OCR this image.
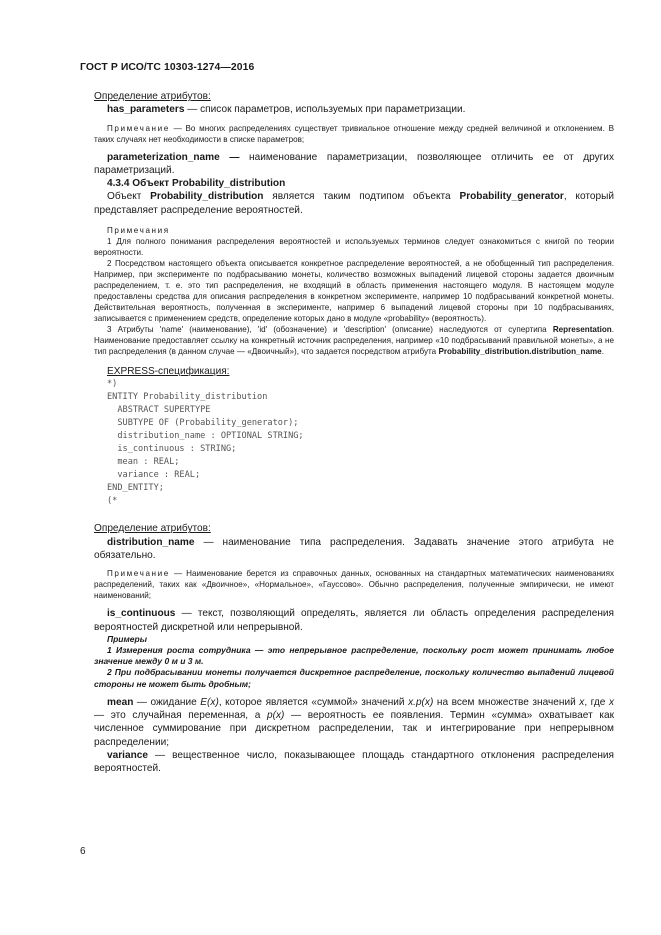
ГОСТ Р ИСО/ТС 10303-1274—2016

Определение атрибутов:

has_parameters — список параметров, используемых при параметризации.

Примечание — Во многих распределениях существует тривиальное отношение между средней величиной и отклонением. В таких случаях нет необходимости в списке параметров;

parameterization_name — наименование параметризации, позволяющее отличить ее от других параметризаций.

4.3.4 Объект Probability_distribution

Объект Probability_distribution является таким подтипом объекта Probability_generator, который представляет распределение вероятностей.

Примечания

1 Для полного понимания распределения вероятностей и используемых терминов следует ознакомиться с книгой по теории вероятности.

2 Посредством настоящего объекта описывается конкретное распределение вероятностей, а не обобщенный тип распределения. Например, при эксперименте по подбрасыванию монеты, количество возможных выпадений лицевой стороны задается двоичным распределением, т. е. это тип распределения, не входящий в область применения настоящего модуля. В настоящем модуле предоставлены средства для описания распределения в конкретном эксперименте, например 10 подбрасываний конкретной монеты. Действительная вероятность, полученная в эксперименте, например 6 выпадений лицевой стороны при 10 подбрасываниях, записывается с применением средств, определение которых дано в модуле «probability» (вероятность).

3 Атрибуты 'name' (наименование), 'id' (обозначение) и 'description' (описание) наследуются от супертипа Representation. Наименование предоставляет ссылку на конкретный источник распределения, например «10 подбрасываний правильной монеты», а не тип распределения (в данном случае — «Двоичный»), что задается посредством атрибута Probability_distribution.distribution_name.

EXPRESS-спецификация:

*)

ENTITY Probability_distribution

ABSTRACT SUPERTYPE

SUBTYPE OF (Probability_generator);

distribution_name : OPTIONAL STRING;

is_continuous : STRING;

mean : REAL;

variance : REAL;

END_ENTITY;

(*

Определение атрибутов:

distribution_name — наименование типа распределения. Задавать значение этого атрибута не обязательно.

Примечание — Наименование берется из справочных данных, основанных на стандартных математических наименованиях распределений, таких как «Двоичное», «Нормальное», «Гауссово». Обычно распределения, полученные эмпирически, не имеют наименований;

is_continuous — текст, позволяющий определять, является ли область определения распределения вероятностей дискретной или непрерывной.

Примеры

1 Измерения роста сотрудника — это непрерывное распределение, поскольку рост может принимать любое значение между 0 м и 3 м.

2 При подбрасывании монеты получается дискретное распределение, поскольку количество выпадений лицевой стороны не может быть дробным;

mean — ожидание E(x), которое является «суммой» значений x.p(x) на всем множестве значений x, где x — это случайная переменная, а p(x) — вероятность ее появления. Термин «сумма» охватывает как численное суммирование при дискретном распределении, так и интегрирование при непрерывном распределении;

variance — вещественное число, показывающее площадь стандартного отклонения распределения вероятностей.

6
